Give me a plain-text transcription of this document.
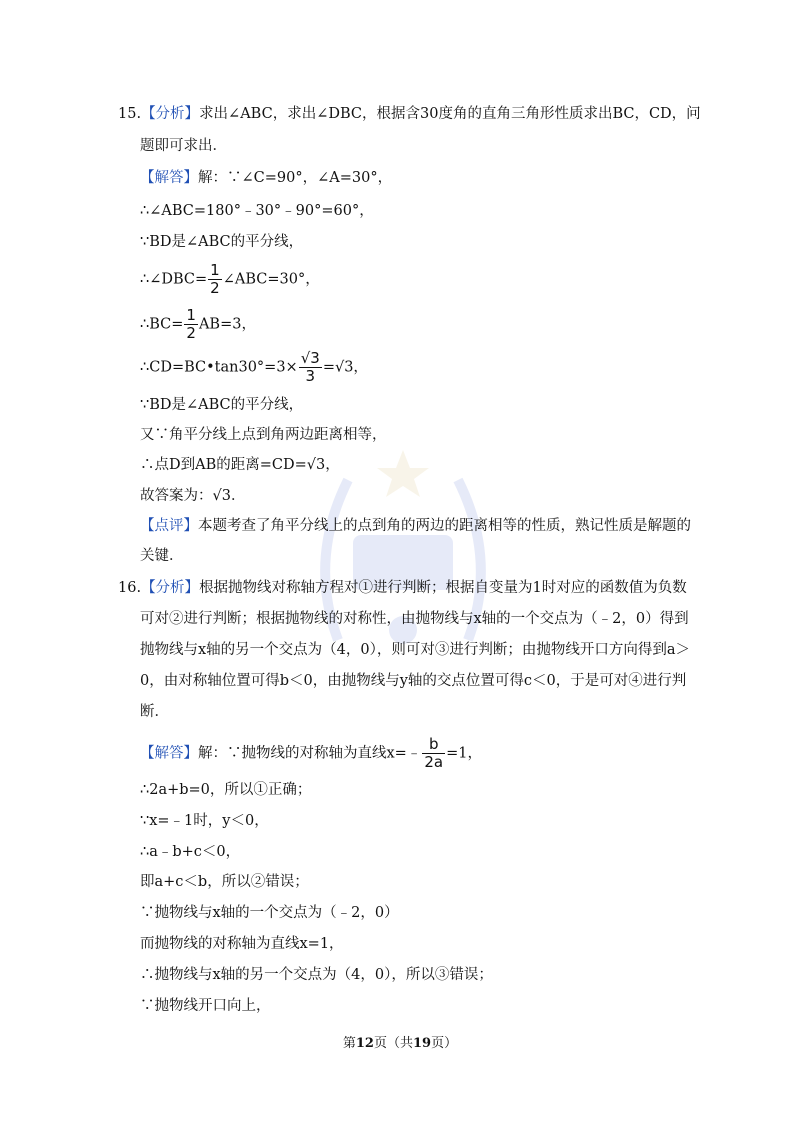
15.【分析】求出∠ABC，求出∠DBC，根据含30度角的直角三角形性质求出BC，CD，问
题即可求出．
【解答】解：∵∠C=90°，∠A=30°，
∴∠ABC=180°﹣30°﹣90°=60°，
∵BD是∠ABC的平分线，
∴∠DBC= $\frac{1}{2}$ ∠ABC=30°，
∴BC= $\frac{1}{2} AB=3$，
∴CD=BC•tan30°=3× $\frac{√3}{3} =√3$，
∵BD是∠ABC的平分线，
又∵角平分线上点到角两边距离相等，
∴点D到AB的距离=CD=√3，
故答案为：√3．
【点评】本题考查了角平分线上的点到角的两边的距离相等的性质，熟记性质是解题的
关键．
16.【分析】根据抛物线对称轴方程对①进行判断；根据自变量为1时对应的函数值为负数
可对②进行判断；根据抛物线的对称性，由抛物线与x轴的一个交点为（﹣2，0）得到
抛物线与x轴的另一个交点为（4，0），则可对③进行判断；由抛物线开口方向得到a＞
0，由对称轴位置可得b＜0，由抛物线与y轴的交点位置可得c＜0，于是可对④进行判
断．
【解答】解：∵抛物线的对称轴为直线x=﹣ $\frac{b}{2a} =1$，
∴2a+b=0，所以①正确；
∵x=﹣1时，y＜0，
∴a﹣b+c＜0，
即a+c＜b，所以②错误；
∵抛物线与x轴的一个交点为（﹣2，0）
而抛物线的对称轴为直线x=1，
∴抛物线与x轴的另一个交点为（4，0），所以③错误；
∵抛物线开口向上，
第12页（共19页）
